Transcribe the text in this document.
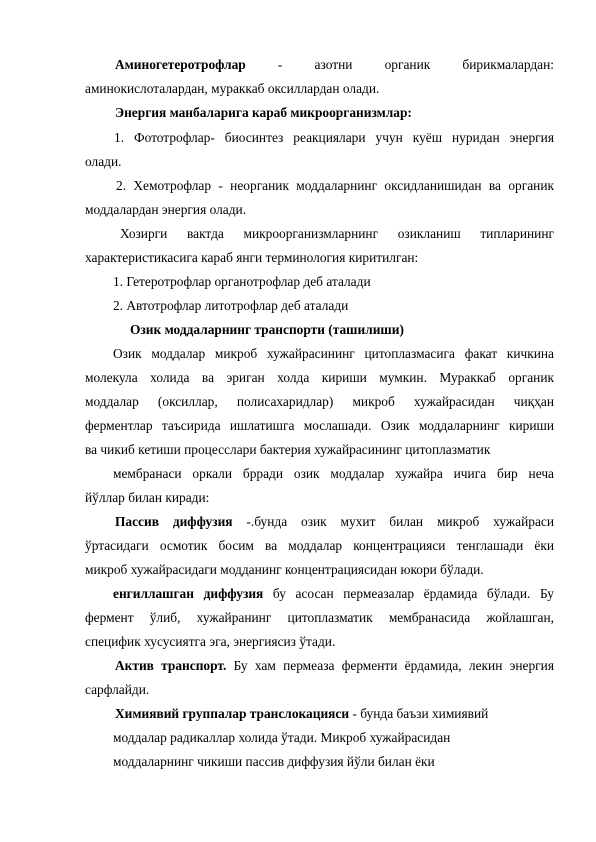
Аминогетеротрофлар - азотни органик бирикмалардан:
аминокислоталардан, мураккаб оксиллардан олади.
Энергия манбаларига караб микроорганизмлар:
1. Фототрофлар- биосинтез реакциялари учун куёш нуридан энергия
олади.
2. Хемотрофлар - неорганик моддаларнинг оксидланишидан ва органик
моддалардан энергия олади.
Хозирги вактда микроорганизмларнинг озикланиш типларининг
характеристикасига караб янги терминология киритилган:
1. Гетеротрофлар органотрофлар деб аталади
2. Автотрофлар литотрофлар деб аталади
Озик моддаларнинг транспорти (ташилиши)
Озик моддалар микроб хужайрасининг цитоплазмасига факат кичкина
молекула холида ва эриган холда кириши мумкин. Мураккаб органик
моддалар (оксиллар, полисахаридлар) микроб хужайрасидан чиқҳан
ферментлар таъсирида ишлатишга мослашади. Озик моддаларнинг кириши
ва чикиб кетиши процесслари бактерия хужайрасининг цитоплазматик
мембранаси оркали брради озик моддалар хужайра ичига бир неча
йўллар билан киради:
Пассив диффузия -.бунда озик мухит билан микроб хужайраси
ўртасидаги осмотик босим ва моддалар концентрацияси тенглашади ёки
микроб хужайрасидаги модданинг концентрациясидан юкори бўлади.
енгиллашган диффузия бу асосан пермеазалар ёрдамида бўлади. Бу
фермент ўлиб, хужайранинг цитоплазматик мембранасида жойлашган,
специфик хусусиятга эга, энергиясиз ўтади.
Актив транспорт. Бу хам пермеаза ферменти ёрдамида, лекин энергия
сарфлайди.
Химиявий группалар транслокацияси - бунда баъзи химиявий
моддалар радикаллар холида ўтади. Микроб хужайрасидан
моддаларнинг чикиши пассив диффузия йўли билан ёки
